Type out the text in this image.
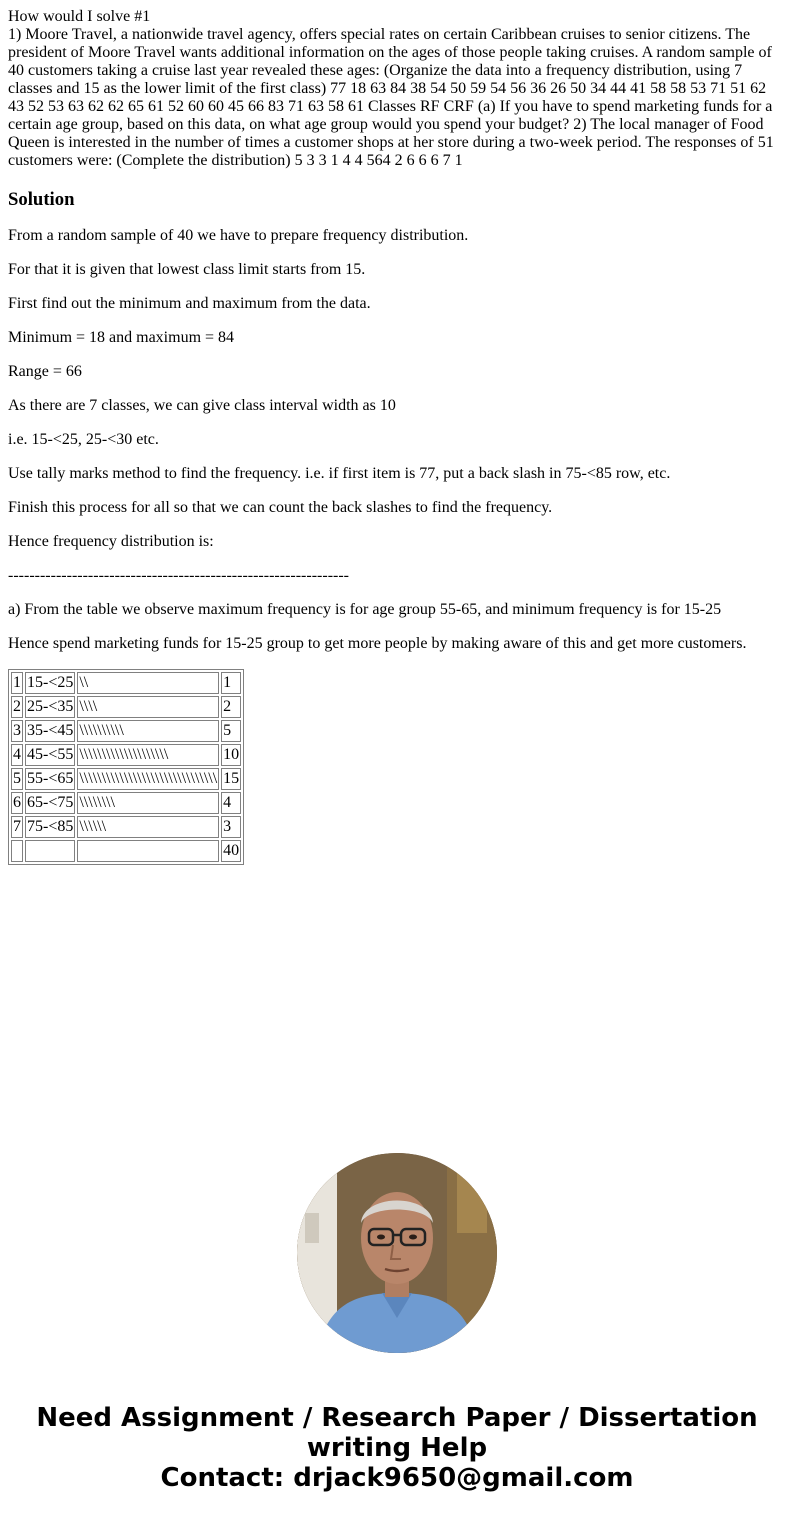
How would I solve #1
1) Moore Travel, a nationwide travel agency, offers special rates on certain Caribbean cruises to senior citizens. The president of Moore Travel wants additional information on the ages of those people taking cruises. A random sample of 40 customers taking a cruise last year revealed these ages: (Organize the data into a frequency distribution, using 7 classes and 15 as the lower limit of the first class) 77 18 63 84 38 54 50 59 54 56 36 26 50 34 44 41 58 58 53 71 51 62 43 52 53 63 62 62 65 61 52 60 60 45 66 83 71 63 58 61 Classes RF CRF (a) If you have to spend marketing funds for a certain age group, based on this data, on what age group would you spend your budget? 2) The local manager of Food Queen is interested in the number of times a customer shops at her store during a two-week period. The responses of 51 customers were: (Complete the distribution) 5 3 3 1 4 4 564 2 6 6 6 7 1
Solution

From a random sample of 40 we have to prepare frequency distribution.

For that it is given that lowest class limit starts from 15.

First find out the minimum and maximum from the data.

Minimum = 18 and maximum = 84

Range = 66

As there are 7 classes, we can give class interval width as 10

i.e. 15-<25, 25-<30 etc.

Use tally marks method to find the frequency. i.e. if first item is 77, put a back slash in 75-<85 row, etc.

Finish this process for all so that we can count the back slashes to find the frequency.

Hence frequency distribution is:

----------------------------------------------------------------

a) From the table we observe maximum frequency is for age group 55-65, and minimum frequency is for 15-25

Hence spend marketing funds for 15-25 group to get more people by making aware of this and get more customers.

1	15-<25	\\	1
2	25-<35	\\\\	2
3	35-<45	\\\\\\\\\\	5
4	45-<55	\\\\\\\\\\\\\\\\\\\\	10
5	55-<65	\\\\\\\\\\\\\\\\\\\\\\\\\\\\\\\	15
6	65-<75	\\\\\\\\	4
7	75-<85	\\\\\\	3
			40
Need Assignment / Research Paper / Dissertation
writing Help
Contact: drjack9650@gmail.com
